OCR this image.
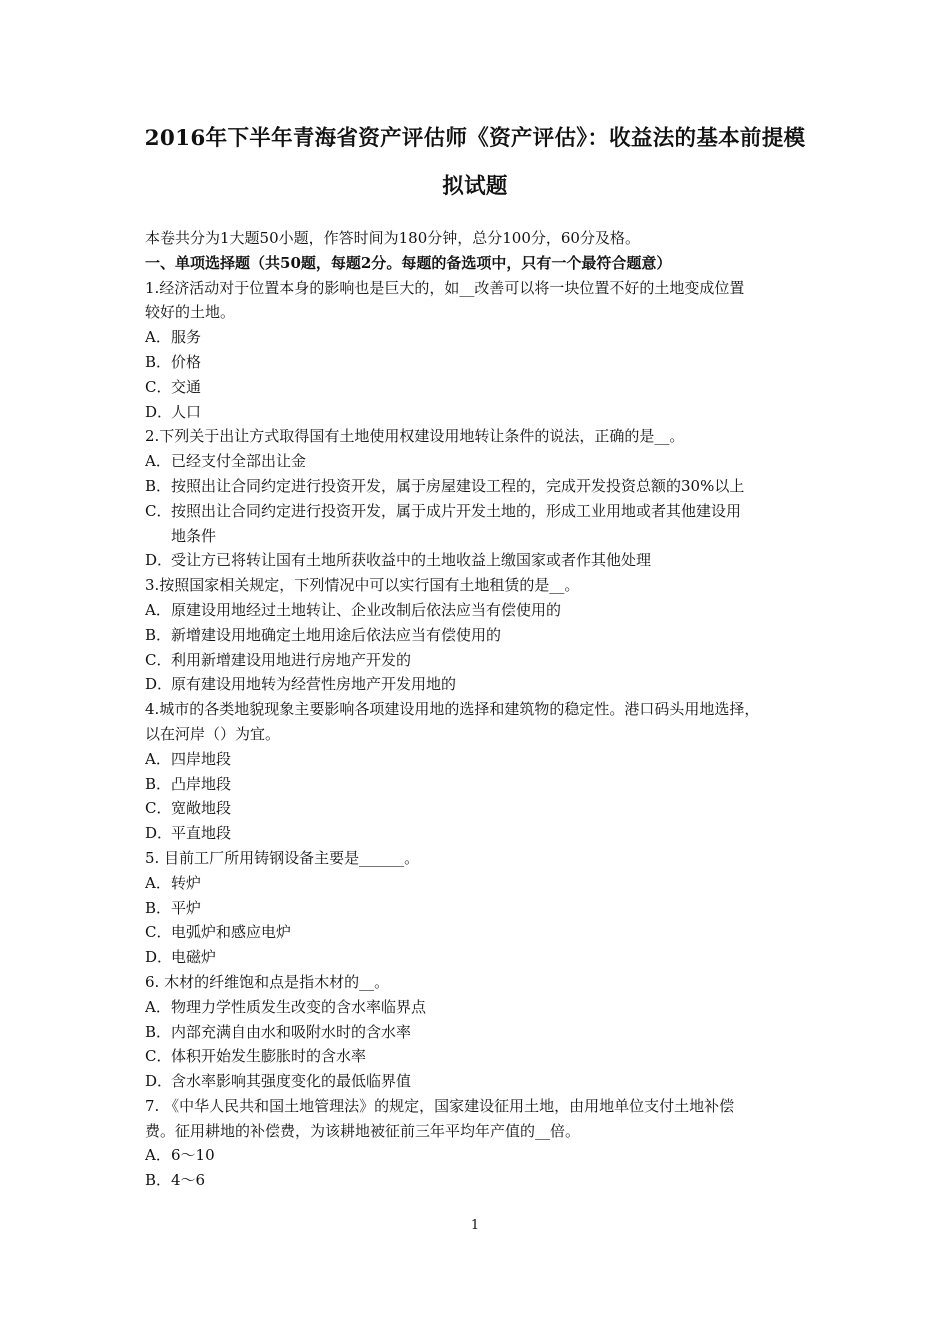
2016年下半年青海省资产评估师《资产评估》：收益法的基本前提模
拟试题
本卷共分为1大题50小题，作答时间为180分钟，总分100分，60分及格。
一、单项选择题（共50题，每题2分。每题的备选项中，只有一个最符合题意）
1.经济活动对于位置本身的影响也是巨大的，如__改善可以将一块位置不好的土地变成位置
较好的土地。
A．服务
B．价格
C．交通
D．人口
2.下列关于出让方式取得国有土地使用权建设用地转让条件的说法，正确的是__。
A．已经支付全部出让金
B．按照出让合同约定进行投资开发，属于房屋建设工程的，完成开发投资总额的30%以上
C．按照出让合同约定进行投资开发，属于成片开发土地的，形成工业用地或者其他建设用
地条件
D．受让方已将转让国有土地所获收益中的土地收益上缴国家或者作其他处理
3.按照国家相关规定，下列情况中可以实行国有土地租赁的是__。
A．原建设用地经过土地转让、企业改制后依法应当有偿使用的
B．新增建设用地确定土地用途后依法应当有偿使用的
C．利用新增建设用地进行房地产开发的
D．原有建设用地转为经营性房地产开发用地的
4.城市的各类地貌现象主要影响各项建设用地的选择和建筑物的稳定性。港口码头用地选择，
以在河岸（）为宜。
A．四岸地段
B．凸岸地段
C．宽敞地段
D．平直地段
5. 目前工厂所用铸钢设备主要是______。
A．转炉
B．平炉
C．电弧炉和感应电炉
D．电磁炉
6. 木材的纤维饱和点是指木材的__。
A．物理力学性质发生改变的含水率临界点
B．内部充满自由水和吸附水时的含水率
C．体积开始发生膨胀时的含水率
D．含水率影响其强度变化的最低临界值
7. 《中华人民共和国土地管理法》的规定，国家建设征用土地，由用地单位支付土地补偿
费。征用耕地的补偿费，为该耕地被征前三年平均年产值的__倍。
A．6～10
B．4～6
1
